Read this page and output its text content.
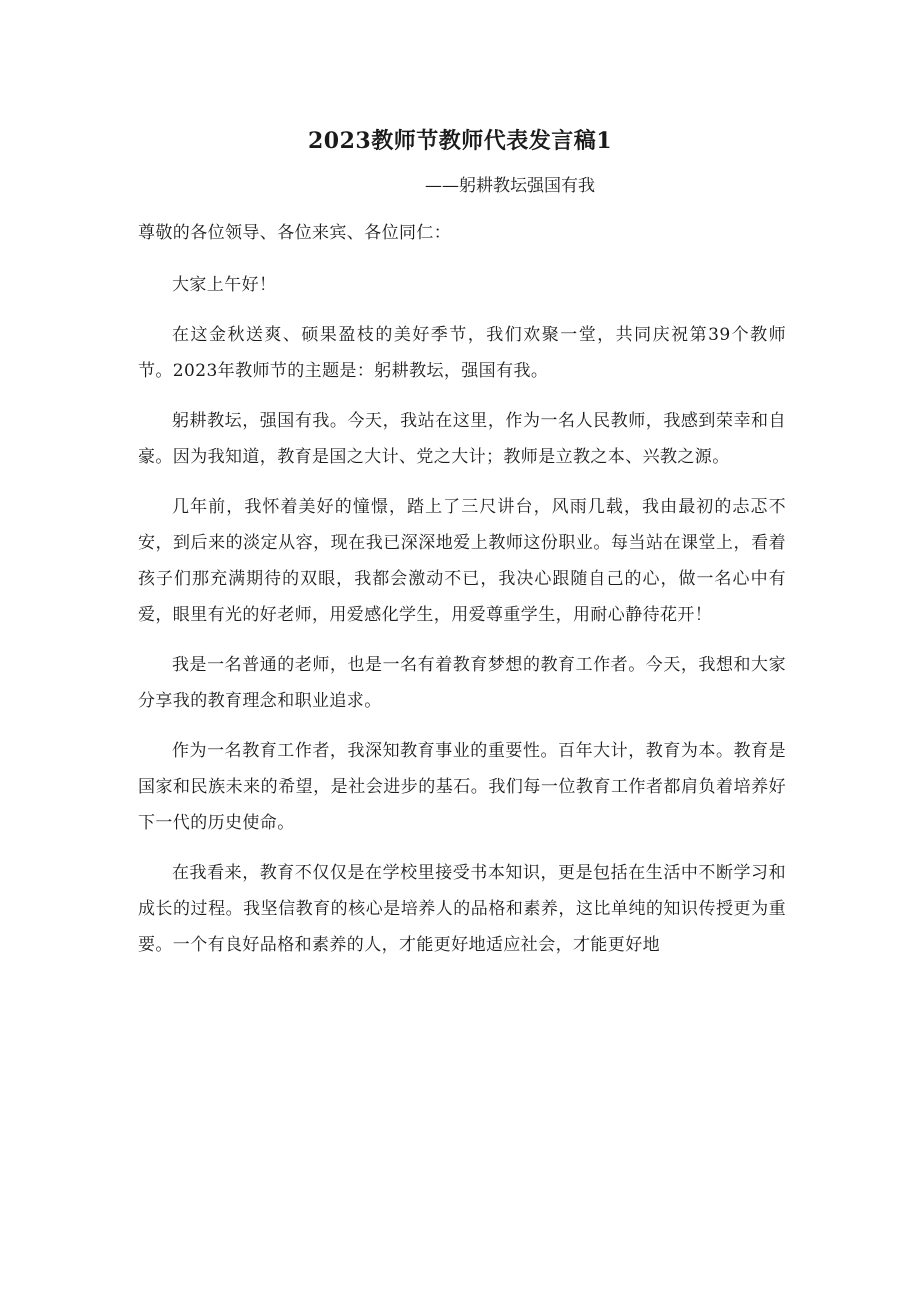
2023教师节教师代表发言稿1
——躬耕教坛强国有我

尊敬的各位领导、各位来宾、各位同仁：

大家上午好！

在这金秋送爽、硕果盈枝的美好季节，我们欢聚一堂，共同庆祝第39个教师节。2023年教师节的主题是：躬耕教坛，强国有我。

躬耕教坛，强国有我。今天，我站在这里，作为一名人民教师，我感到荣幸和自豪。因为我知道，教育是国之大计、党之大计；教师是立教之本、兴教之源。

几年前，我怀着美好的憧憬，踏上了三尺讲台，风雨几载，我由最初的忐忑不安，到后来的淡定从容，现在我已深深地爱上教师这份职业。每当站在课堂上，看着孩子们那充满期待的双眼，我都会激动不已，我决心跟随自己的心，做一名心中有爱，眼里有光的好老师，用爱感化学生，用爱尊重学生，用耐心静待花开！

我是一名普通的老师，也是一名有着教育梦想的教育工作者。今天，我想和大家分享我的教育理念和职业追求。

作为一名教育工作者，我深知教育事业的重要性。百年大计，教育为本。教育是国家和民族未来的希望，是社会进步的基石。我们每一位教育工作者都肩负着培养好下一代的历史使命。

在我看来，教育不仅仅是在学校里接受书本知识，更是包括在生活中不断学习和成长的过程。我坚信教育的核心是培养人的品格和素养，这比单纯的知识传授更为重要。一个有良好品格和素养的人，才能更好地适应社会，才能更好地
